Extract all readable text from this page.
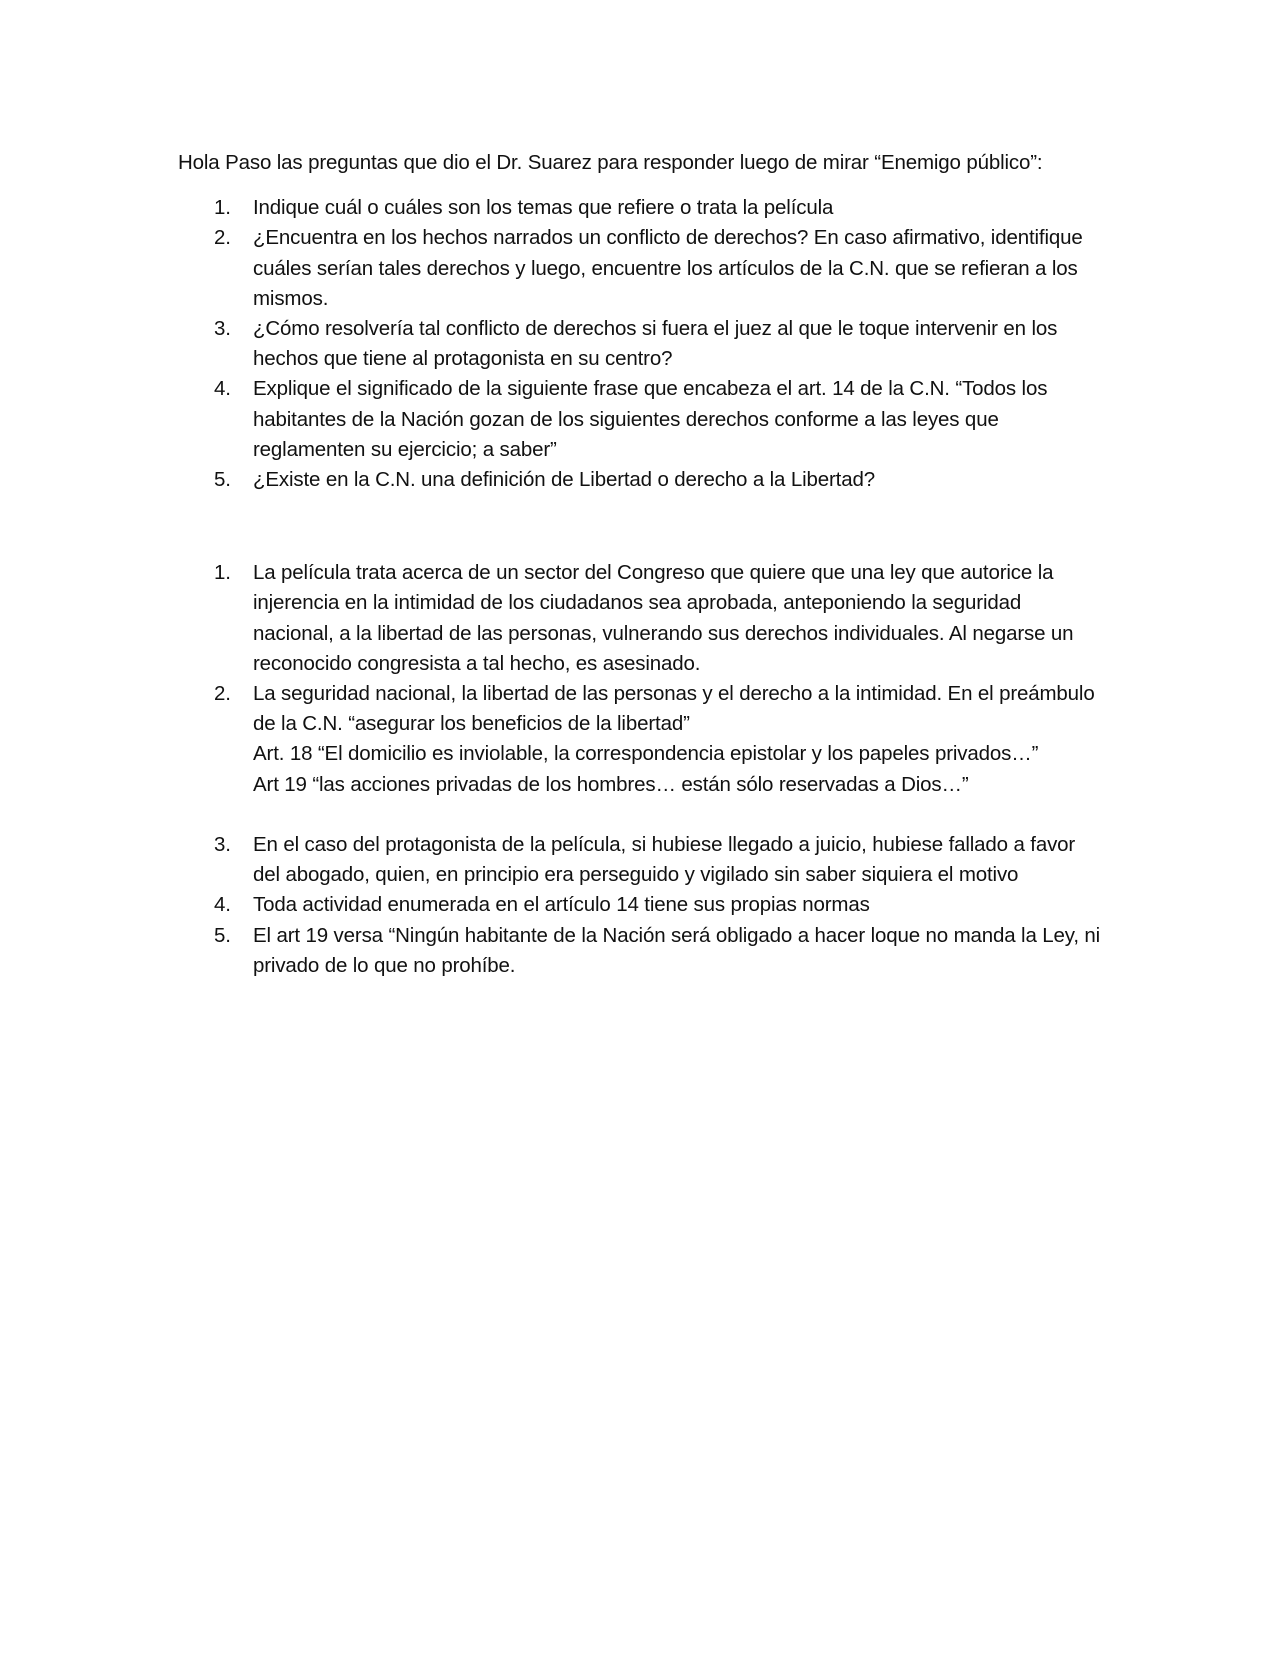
Hola Paso las preguntas que dio el Dr. Suarez para responder luego de mirar “Enemigo público”:

1. Indique cuál o cuáles son los temas que refiere o trata la película
2. ¿Encuentra en los hechos narrados un conflicto de derechos? En caso afirmativo, identifique cuáles serían tales derechos y luego, encuentre los artículos de la C.N. que se refieran a los mismos.
3. ¿Cómo resolvería tal conflicto de derechos si fuera el juez al que le toque intervenir en los hechos que tiene al protagonista en su centro?
4. Explique el significado de la siguiente frase que encabeza el art. 14 de la C.N. “Todos los habitantes de la Nación gozan de los siguientes derechos conforme a las leyes que reglamenten su ejercicio; a saber”
5. ¿Existe en la C.N. una definición de Libertad o derecho a la Libertad?
1. La película trata acerca de un sector del Congreso que quiere que una ley que autorice la injerencia en la intimidad de los ciudadanos sea aprobada, anteponiendo la seguridad nacional, a la libertad de las personas, vulnerando sus derechos individuales. Al negarse un reconocido congresista a tal hecho, es asesinado.
2. La seguridad nacional, la libertad de las personas y el derecho a la intimidad. En el preámbulo de la C.N. “asegurar los beneficios de la libertad”
Art. 18 “El domicilio es inviolable, la correspondencia epistolar y los papeles privados…”
Art 19 “las acciones privadas de los hombres… están sólo reservadas a Dios…”
3. En el caso del protagonista de la película, si hubiese llegado a juicio, hubiese fallado a favor del abogado, quien, en principio era perseguido y vigilado sin saber siquiera el motivo
4. Toda actividad enumerada en el artículo 14 tiene sus propias normas
5. El art 19 versa “Ningún habitante de la Nación será obligado a hacer loque no manda la Ley, ni privado de lo que no prohíbe.
